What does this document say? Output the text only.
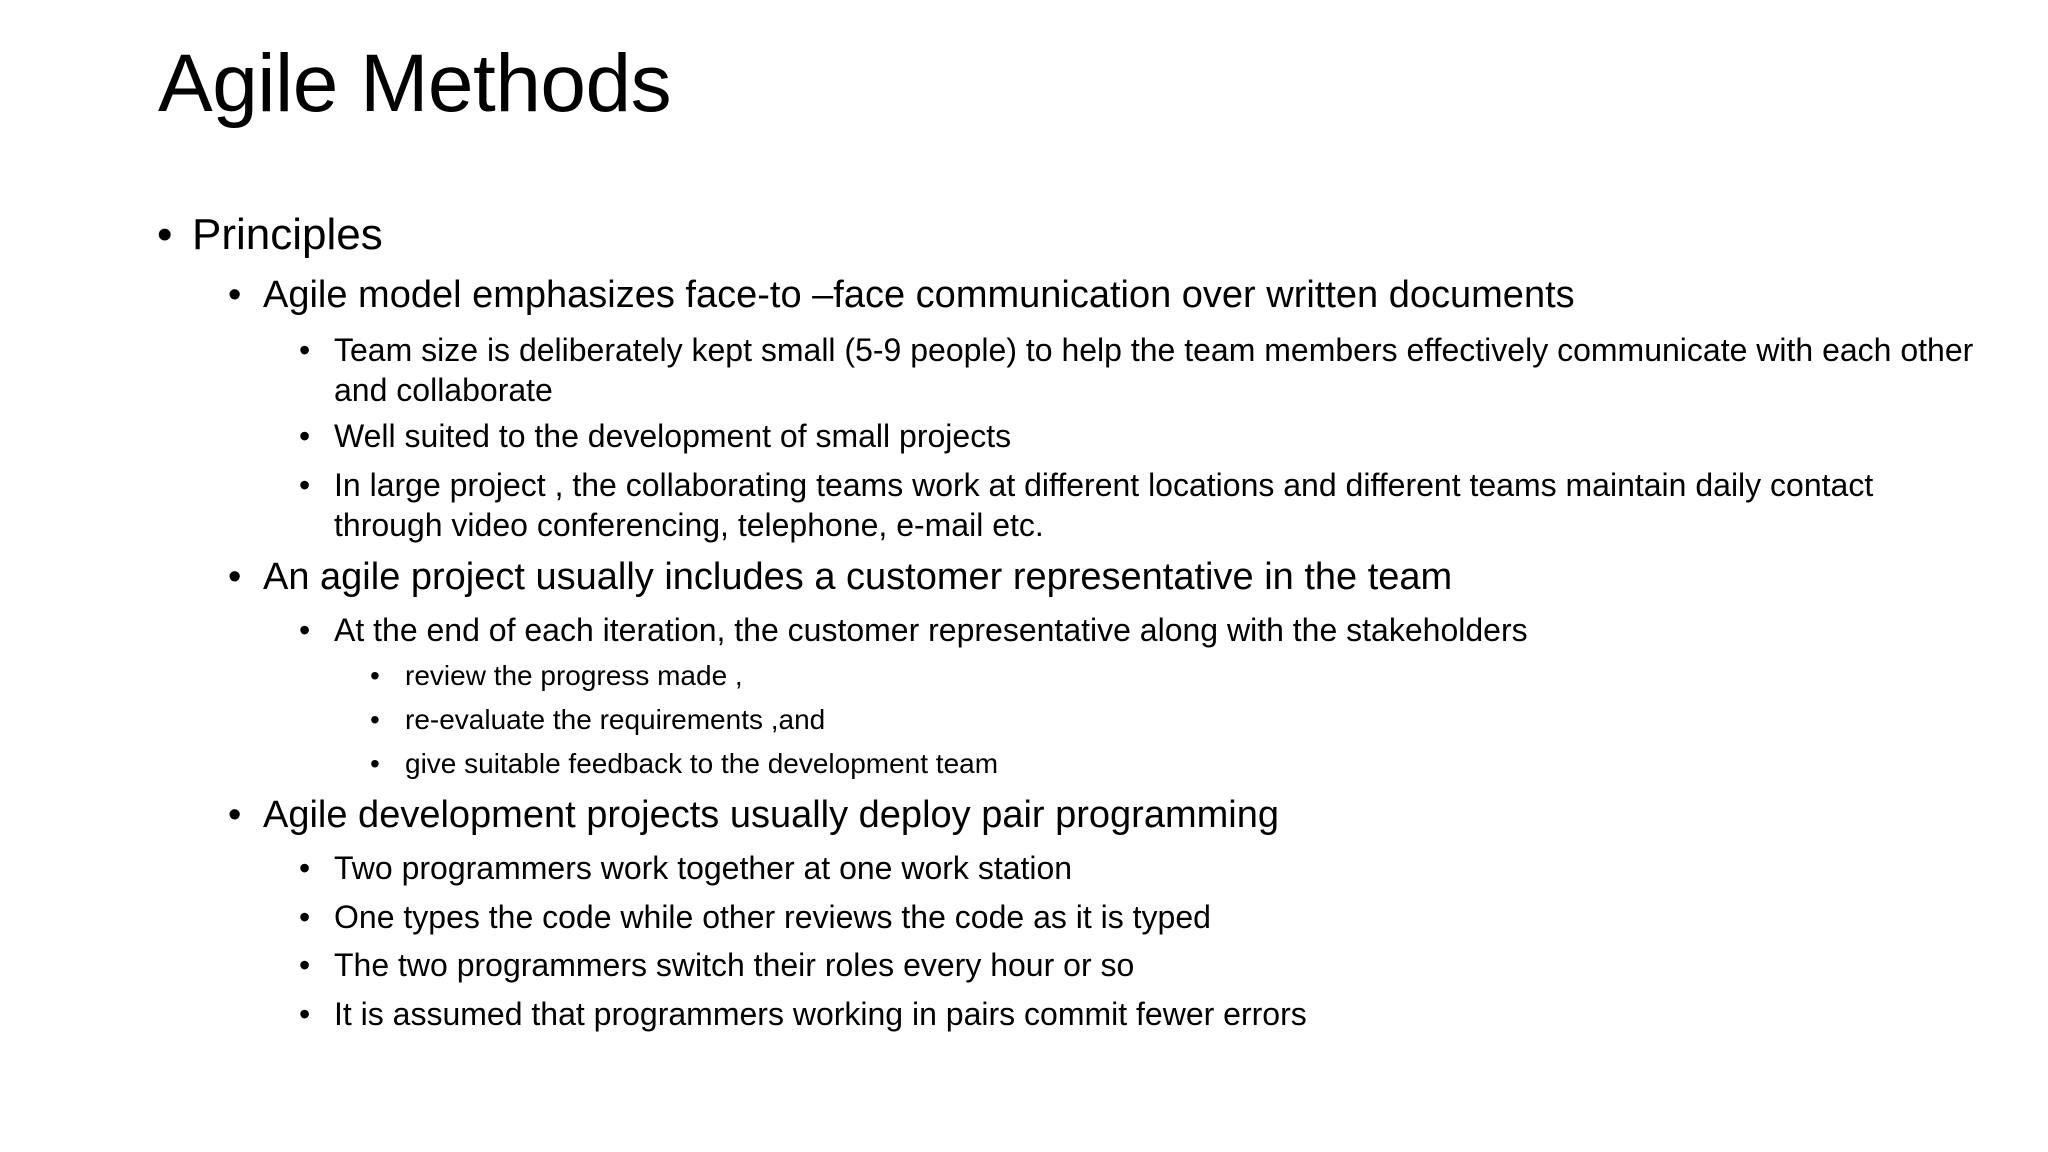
Agile Methods
• Principles
• Agile model emphasizes face-to –face communication over written documents
• Team size is deliberately kept small (5-9 people) to help the team members effectively communicate with each other and collaborate
• Well suited to the development of small projects
• In large project , the collaborating teams work at different locations and different teams maintain daily contact through video conferencing, telephone, e-mail etc.
• An agile project usually includes a customer representative in the team
• At the end of each iteration, the customer representative along with the stakeholders
• review the progress made ,
• re-evaluate the requirements ,and
• give suitable feedback to the development team
• Agile development projects usually deploy pair programming
• Two programmers work together at one work station
• One types the code while other reviews the code as it is typed
• The two programmers switch their roles every hour or so
• It is assumed that programmers working in pairs commit fewer errors
